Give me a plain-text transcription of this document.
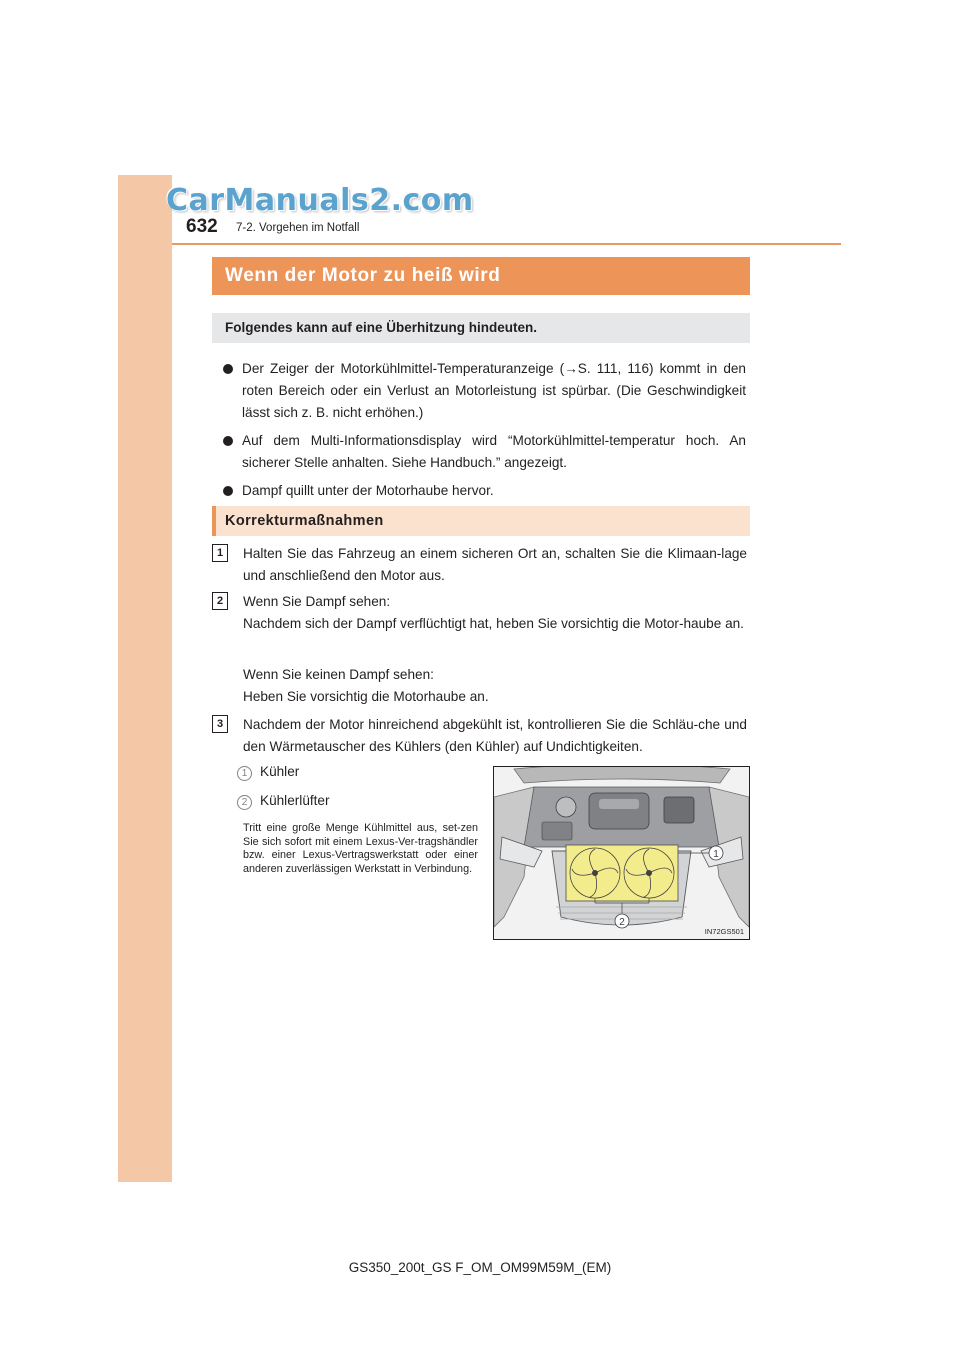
CarManuals2.com
632 7-2. Vorgehen im Notfall
Wenn der Motor zu heiß wird
Folgendes kann auf eine Überhitzung hindeuten.
Der Zeiger der Motorkühlmittel-Temperaturanzeige (→S. 111, 116) kommt in den roten Bereich oder ein Verlust an Motorleistung ist spürbar. (Die Geschwindigkeit lässt sich z. B. nicht erhöhen.)
Auf dem Multi-Informationsdisplay wird “Motorkühlmittel-temperatur hoch. An sicherer Stelle anhalten. Siehe Handbuch.” angezeigt.
Dampf quillt unter der Motorhaube hervor.
Korrekturmaßnahmen
1	Halten Sie das Fahrzeug an einem sicheren Ort an, schalten Sie die Klimaan-lage und anschließend den Motor aus.
2	Wenn Sie Dampf sehen:
Nachdem sich der Dampf verflüchtigt hat, heben Sie vorsichtig die Motor-haube an.
Wenn Sie keinen Dampf sehen:
Heben Sie vorsichtig die Motorhaube an.
3	Nachdem der Motor hinreichend abgekühlt ist, kontrollieren Sie die Schläu-che und den Wärmetauscher des Kühlers (den Kühler) auf Undichtigkeiten.
1 Kühler
2 Kühlerlüfter
Tritt eine große Menge Kühlmittel aus, set-zen Sie sich sofort mit einem Lexus-Ver-tragshändler bzw. einer Lexus-Vertragswerkstatt oder einer anderen zuverlässigen Werkstatt in Verbindung.
1
2
IN72GS501
GS350_200t_GS F_OM_OM99M59M_(EM)
